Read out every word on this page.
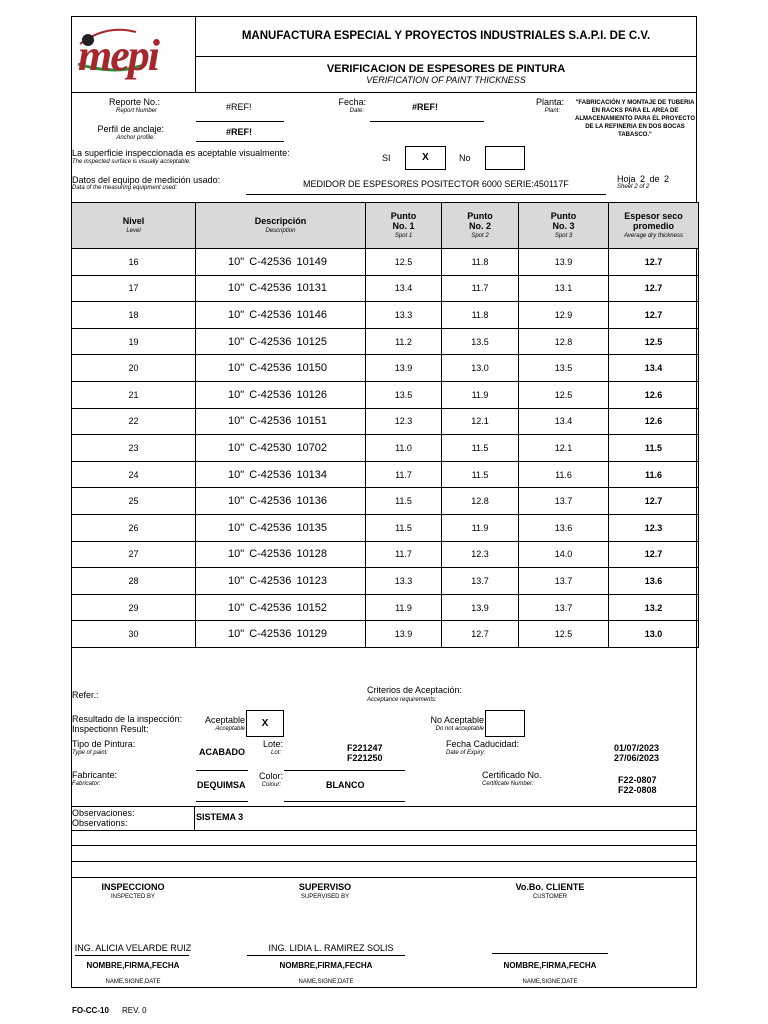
mepi	MANUFACTURA ESPECIAL Y PROYECTOS INDUSTRIALES S.A.P.I. DE C.V.
VERIFICACION DE ESPESORES DE PINTURA
VERIFICATION OF PAINT THICKNESS
Reporte No.:
Report Number	#REF!	Fecha:
Date:	#REF!	Planta:
Plant:
"FABRICACIÓN Y MONTAJE DE TUBERIA EN RACKS PARA EL AREA DE ALMACENAMIENTO PARA EL PROYECTO DE LA REFINERIA EN DOS BOCAS TABASCO."
Perfil de anclaje:
Anchor profile:
#REF!
La superficie inspeccionada es aceptable visualmente:
The inspected surface is visually acceptable:	SI	X	No
Datos del equipo de medición usado:
Data of the measuring equipment used:	MEDIDOR DE ESPESORES POSITECTOR 6000 SERIE:450117F	Hoja 2 de 2
Sheet 2 of 2
Nivel
Level	Descripción
Description	Punto No. 1
Spot 1	Punto No. 2
Spot 2	Punto No. 3
Spot 3	Espesor seco promedio
Average dry thickness

16	10" C-42536 10149	12.5	11.8	13.9	12.7
17	10" C-42536 10131	13.4	11.7	13.1	12.7
18	10" C-42536 10146	13.3	11.8	12.9	12.7
19	10" C-42536 10125	11.2	13.5	12.8	12.5
20	10" C-42536 10150	13.9	13.0	13.5	13.4
21	10" C-42536 10126	13.5	11.9	12.5	12.6
22	10" C-42536 10151	12.3	12.1	13.4	12.6
23	10" C-42530 10702	11.0	11.5	12.1	11.5
24	10" C-42536 10134	11.7	11.5	11.6	11.6
25	10" C-42536 10136	11.5	12.8	13.7	12.7
26	10" C-42536 10135	11.5	11.9	13.6	12.3
27	10" C-42536 10128	11.7	12.3	14.0	12.7
28	10" C-42536 10123	13.3	13.7	13.7	13.6
29	10" C-42536 10152	11.9	13.9	13.7	13.2
30	10" C-42536 10129	13.9	12.7	12.5	13.0
Refer.:	Criterios de Aceptación:
Acceptance requirements:
Resultado de la inspección:
Inspectionn Result:
Aceptable
Acceptable	X	No Aceptable
Do not acceptable
Tipo de Pintura:
Type of paint:	ACABADO
Lote:
Lot:	F221247
F221250
Fecha Caducidad:
Date of Expiry:	01/07/2023
27/06/2023
Fabricante:
Fabricator:	DEQUIMSA
Color:
Colour:	BLANCO
Certificado No.
Certificate Number:	F22-0807
F22-0808
Observaciones:
Observations:
SISTEMA 3
INSPECCIONO
INSPECTED BY
ING. ALICIA VELARDE RUIZ
NOMBRE,FIRMA,FECHA
NAME,SIGNE,DATE
SUPERVISO
SUPERVISED BY
ING. LIDIA L. RAMIREZ SOLIS
NOMBRE,FIRMA,FECHA
NAME,SIGNE,DATE
Vo.Bo. CLIENTE
CUSTOMER
NOMBRE,FIRMA,FECHA
NAME,SIGNE,DATE
FO-CC-10 REV. 0
